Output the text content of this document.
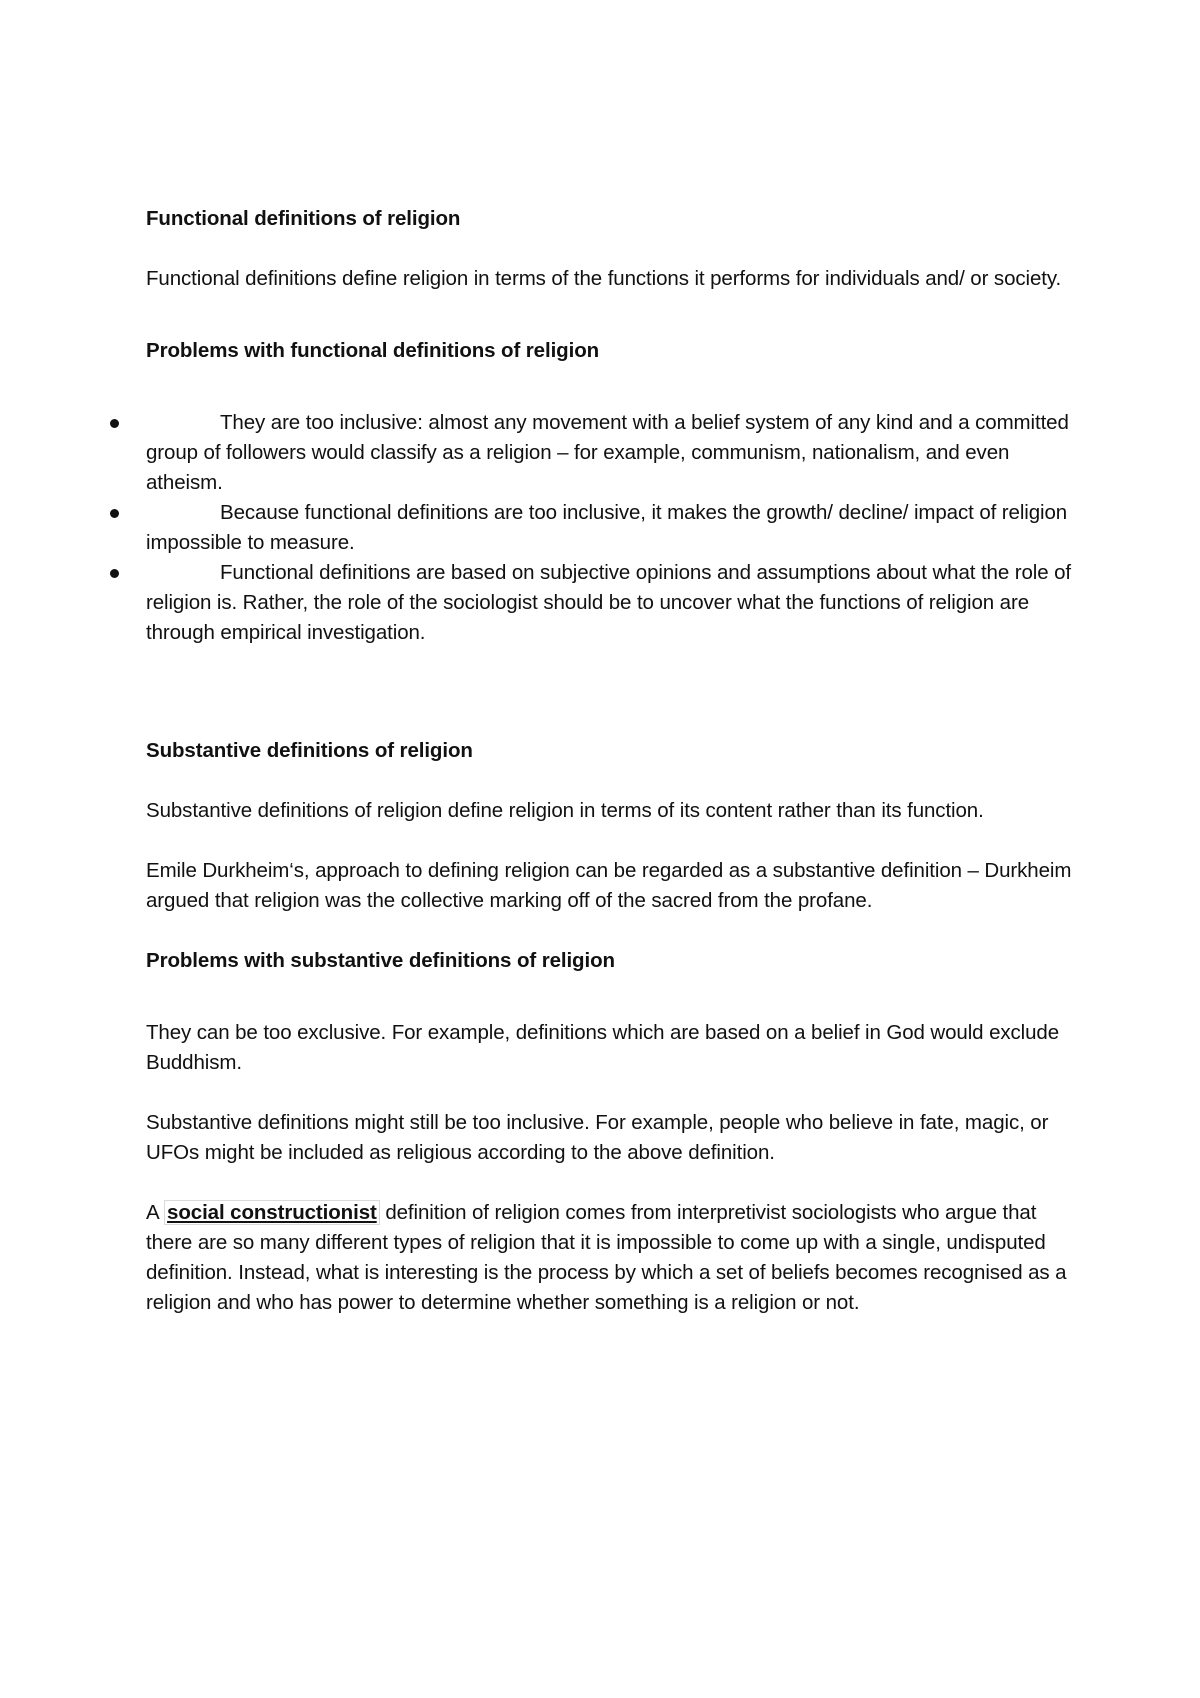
Functional definitions of religion

Functional definitions define religion in terms of the functions it performs for individuals and/ or society.

Problems with functional definitions of religion

They are too inclusive: almost any movement with a belief system of any kind and a committed group of followers would classify as a religion – for example, communism, nationalism, and even atheism.
Because functional definitions are too inclusive, it makes the growth/ decline/ impact of religion impossible to measure.
Functional definitions are based on subjective opinions and assumptions about what the role of religion is. Rather, the role of the sociologist should be to uncover what the functions of religion are through empirical investigation.

Substantive definitions of religion

Substantive definitions of religion define religion in terms of its content rather than its function.

Emile Durkheim‘s, approach to defining religion can be regarded as a substantive definition – Durkheim argued that religion was the collective marking off of the sacred from the profane.

Problems with substantive definitions of religion

They can be too exclusive. For example, definitions which are based on a belief in God would exclude Buddhism.

Substantive definitions might still be too inclusive. For example, people who believe in fate, magic, or UFOs might be included as religious according to the above definition.

A social constructionist definition of religion comes from interpretivist sociologists who argue that there are so many different types of religion that it is impossible to come up with a single, undisputed definition. Instead, what is interesting is the process by which a set of beliefs becomes recognised as a religion and who has power to determine whether something is a religion or not.
